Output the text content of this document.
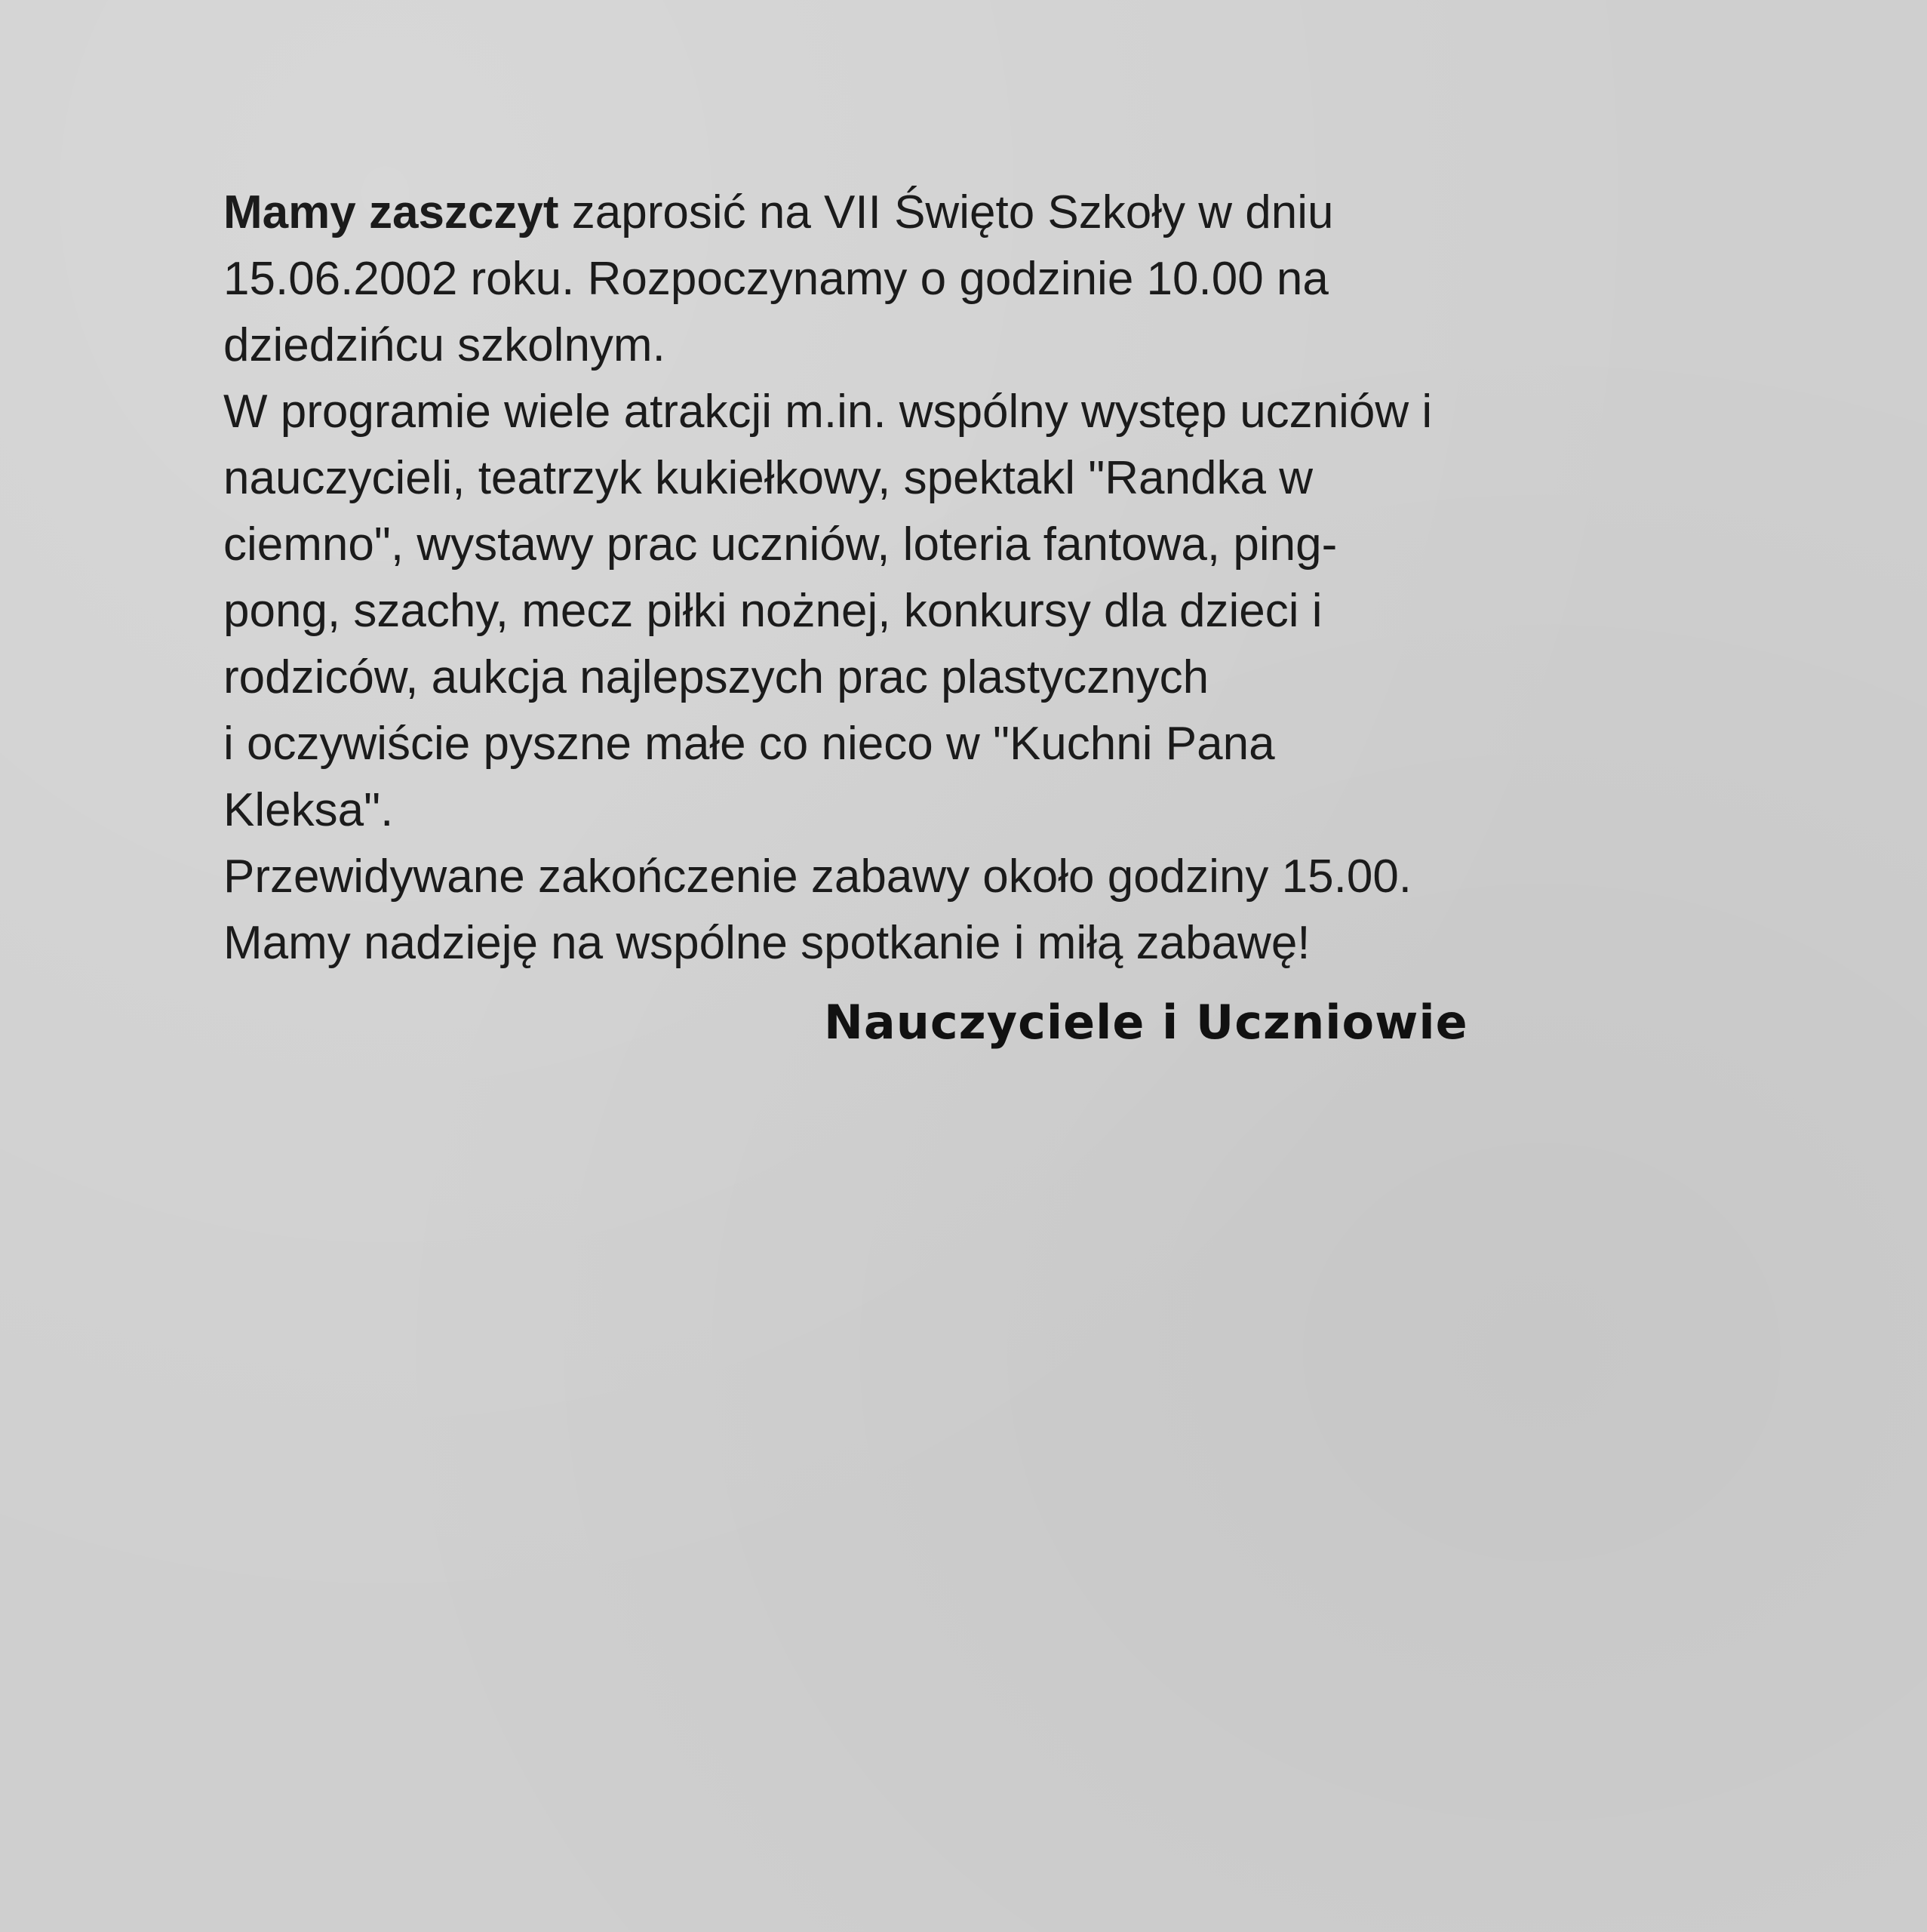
Mamy zaszczyt zaprosić na VII Święto Szkoły w dniu
15.06.2002 roku. Rozpoczynamy o godzinie 10.00 na
dziedzińcu szkolnym.
W programie wiele atrakcji m.in. wspólny występ uczniów i
nauczycieli, teatrzyk kukiełkowy, spektakl "Randka w
ciemno", wystawy prac uczniów, loteria fantowa, ping-
pong, szachy, mecz piłki nożnej, konkursy dla dzieci i
rodziców, aukcja najlepszych prac plastycznych
i oczywiście pyszne małe co nieco w "Kuchni Pana
Kleksa".
Przewidywane zakończenie zabawy około godziny 15.00.
Mamy nadzieję na wspólne spotkanie i miłą zabawę!
Nauczyciele i Uczniowie
